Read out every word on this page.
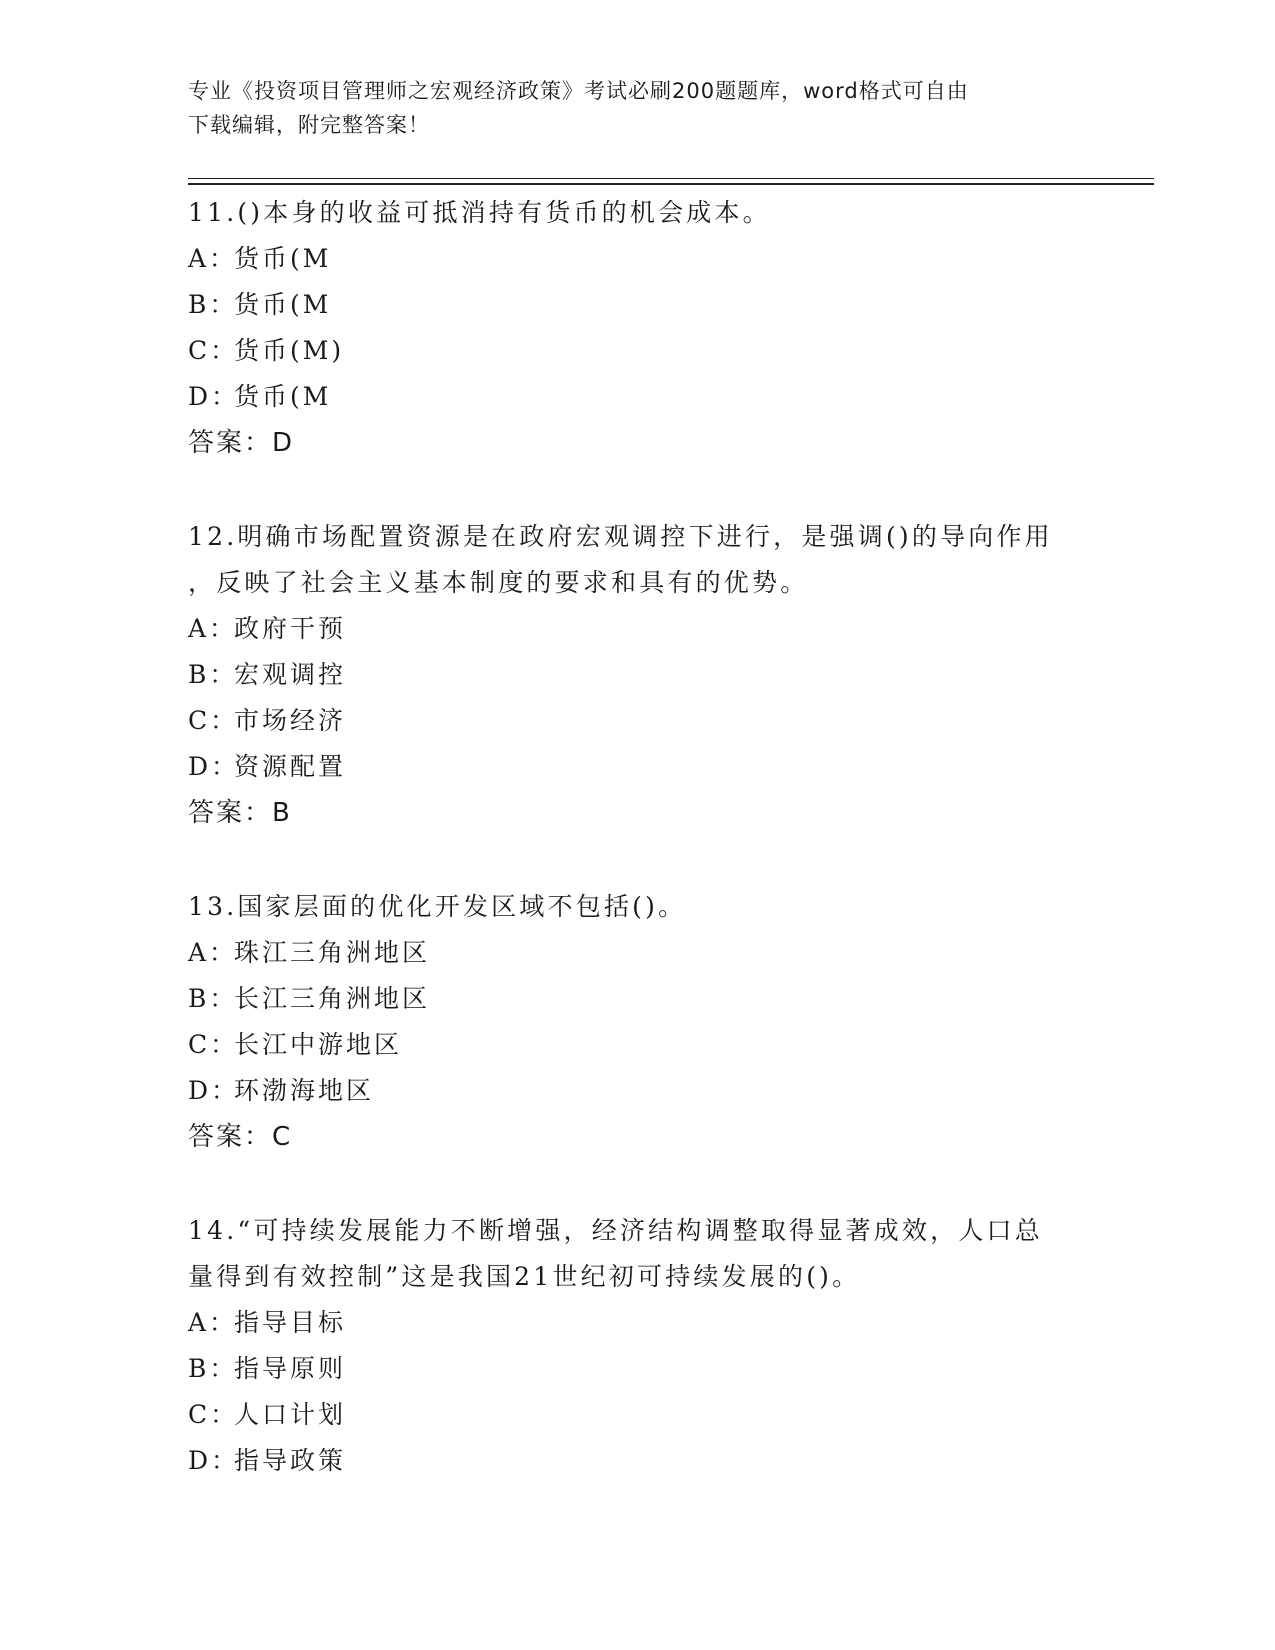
专业《投资项目管理师之宏观经济政策》考试必刷200题题库，word格式可自由
下载编辑，附完整答案！
11.()本身的收益可抵消持有货币的机会成本。
A：货币(M
B：货币(M
C：货币(M)
D：货币(M
答案：D
12.明确市场配置资源是在政府宏观调控下进行，是强调()的导向作用
，反映了社会主义基本制度的要求和具有的优势。
A：政府干预
B：宏观调控
C：市场经济
D：资源配置
答案：B
13.国家层面的优化开发区域不包括()。
A：珠江三角洲地区
B：长江三角洲地区
C：长江中游地区
D：环渤海地区
答案：C
14.“可持续发展能力不断增强，经济结构调整取得显著成效，人口总
量得到有效控制”这是我国21世纪初可持续发展的()。
A：指导目标
B：指导原则
C：人口计划
D：指导政策
